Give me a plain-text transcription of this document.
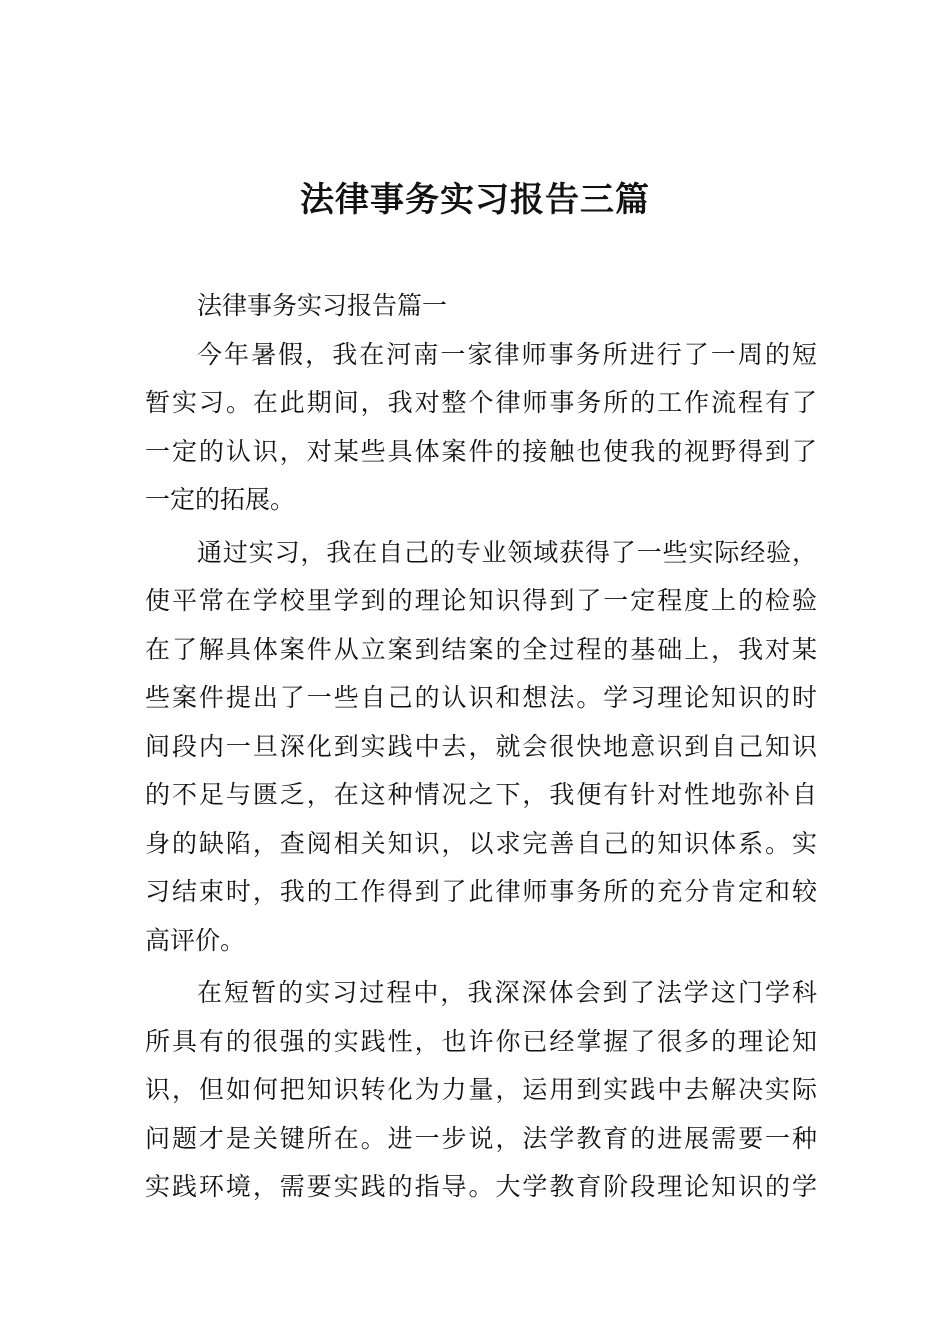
法律事务实习报告三篇
法律事务实习报告篇一
今年暑假，我在河南一家律师事务所进行了一周的短
暂实习。在此期间，我对整个律师事务所的工作流程有了
一定的认识，对某些具体案件的接触也使我的视野得到了
一定的拓展。
通过实习，我在自己的专业领域获得了一些实际经验，
使平常在学校里学到的理论知识得到了一定程度上的检验
在了解具体案件从立案到结案的全过程的基础上，我对某
些案件提出了一些自己的认识和想法。学习理论知识的时
间段内一旦深化到实践中去，就会很快地意识到自己知识
的不足与匮乏，在这种情况之下，我便有针对性地弥补自
身的缺陷，查阅相关知识，以求完善自己的知识体系。实
习结束时，我的工作得到了此律师事务所的充分肯定和较
高评价。
在短暂的实习过程中，我深深体会到了法学这门学科
所具有的很强的实践性，也许你已经掌握了很多的理论知
识，但如何把知识转化为力量，运用到实践中去解决实际
问题才是关键所在。进一步说，法学教育的进展需要一种
实践环境，需要实践的指导。大学教育阶段理论知识的学
